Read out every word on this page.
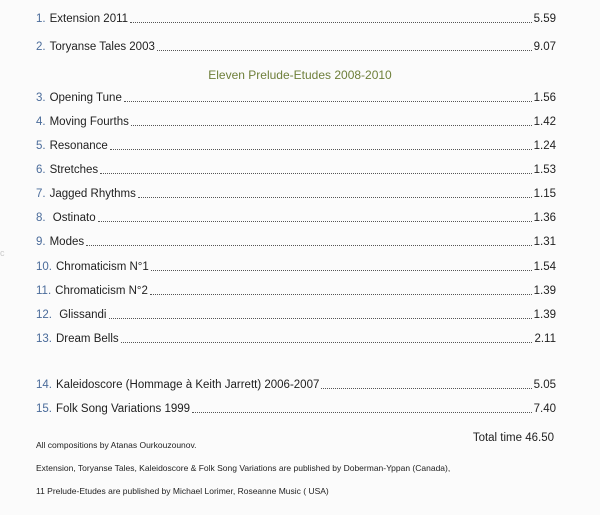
1. Extension 2011	5.59
2. Toryanse Tales 2003	9.07
Eleven Prelude-Etudes 2008-2010
3. Opening Tune	1.56
4. Moving Fourths	1.42
5. Resonance	1.24
6. Stretches	1.53
7. Jagged Rhythms	1.15
8. Ostinato	1.36
9. Modes	1.31
10. Chromaticism N°1	1.54
11. Chromaticism N°2	1.39
12. Glissandi	1.39
13. Dream Bells	2.11
14. Kaleidoscore (Hommage à Keith Jarrett) 2006-2007	5.05
15. Folk Song Variations 1999	7.40
Total time 46.50
All compositions by Atanas Ourkouzounov.
Extension, Toryanse Tales, Kaleidoscore & Folk Song Variations are published by Doberman-Yppan (Canada),
11 Prelude-Etudes are published by Michael Lorimer, Roseanne Music ( USA)
c
